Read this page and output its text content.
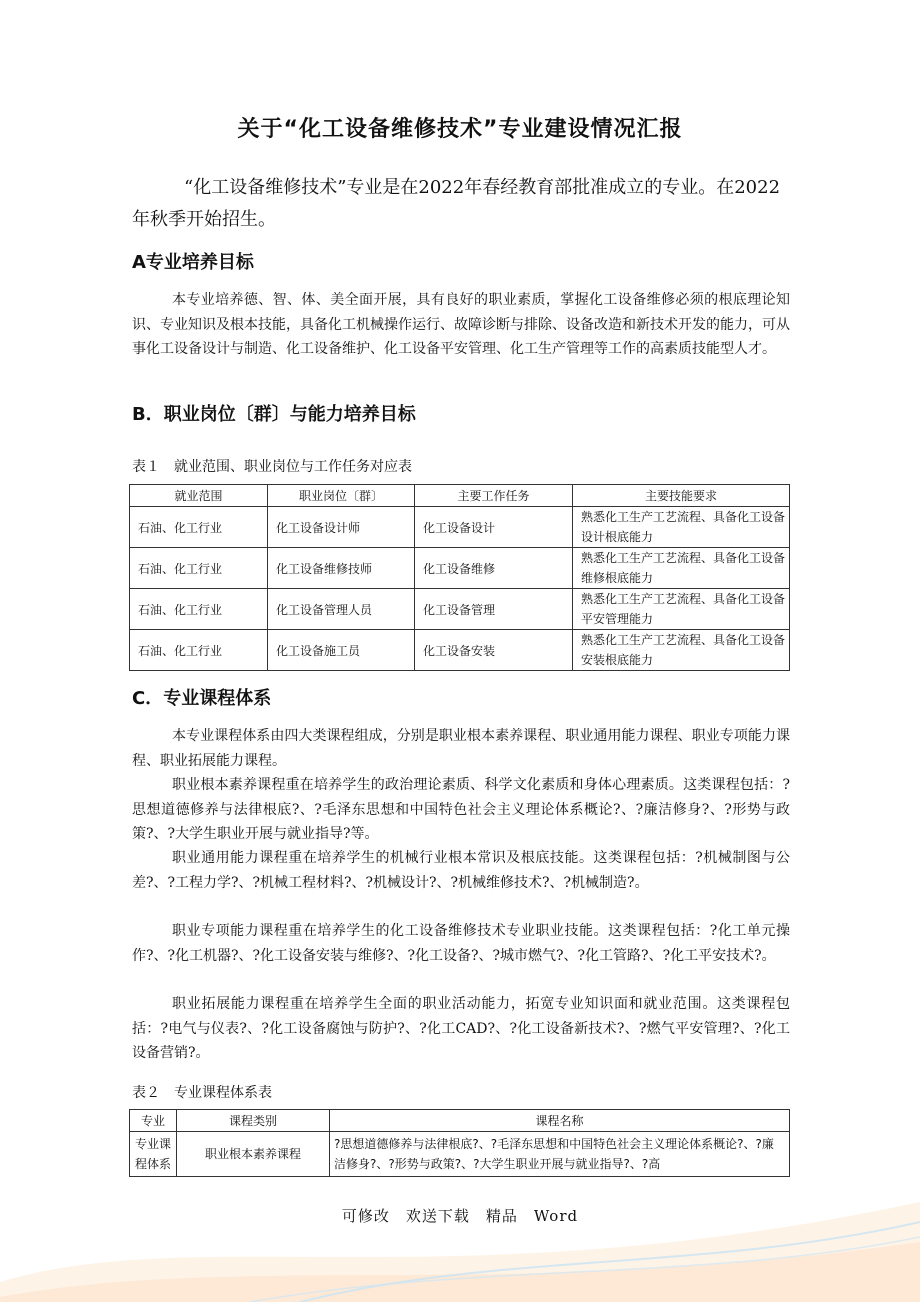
关于“化工设备维修技术”专业建设情况汇报

“化工设备维修技术”专业是在2022年春经教育部批准成立的专业。在2022年秋季开始招生。

A专业培养目标

本专业培养德、智、体、美全面开展，具有良好的职业素质，掌握化工设备维修必须的根底理论知识、专业知识及根本技能，具备化工机械操作运行、故障诊断与排除、设备改造和新技术开发的能力，可从事化工设备设计与制造、化工设备维护、化工设备平安管理、化工生产管理等工作的高素质技能型人才。

B．职业岗位〔群〕与能力培养目标

表１　就业范围、职业岗位与工作任务对应表

就业范围	职业岗位〔群〕	主要工作任务	主要技能要求
石油、化工行业	化工设备设计师	化工设备设计	熟悉化工生产工艺流程、具备化工设备设计根底能力
石油、化工行业	化工设备维修技师	化工设备维修	熟悉化工生产工艺流程、具备化工设备维修根底能力
石油、化工行业	化工设备管理人员	化工设备管理	熟悉化工生产工艺流程、具备化工设备平安管理能力
石油、化工行业	化工设备施工员	化工设备安装	熟悉化工生产工艺流程、具备化工设备安装根底能力
C．专业课程体系

本专业课程体系由四大类课程组成，分别是职业根本素养课程、职业通用能力课程、职业专项能力课程、职业拓展能力课程。

职业根本素养课程重在培养学生的政治理论素质、科学文化素质和身体心理素质。这类课程包括：?思想道德修养与法律根底?、?毛泽东思想和中国特色社会主义理论体系概论?、?廉洁修身?、?形势与政策?、?大学生职业开展与就业指导?等。

职业通用能力课程重在培养学生的机械行业根本常识及根底技能。这类课程包括：?机械制图与公差?、?工程力学?、?机械工程材料?、?机械设计?、?机械维修技术?、?机械制造?。

职业专项能力课程重在培养学生的化工设备维修技术专业职业技能。这类课程包括：?化工单元操作?、?化工机器?、?化工设备安装与维修?、?化工设备?、?城市燃气?、?化工管路?、?化工平安技术?。

职业拓展能力课程重在培养学生全面的职业活动能力，拓宽专业知识面和就业范围。这类课程包括：?电气与仪表?、?化工设备腐蚀与防护?、?化工CAD?、?化工设备新技术?、?燃气平安管理?、?化工设备营销?。

表２　专业课程体系表

专业	课程类别	课程名称
专业课程体系	职业根本素养课程	?思想道德修养与法律根底?、?毛泽东思想和中国特色社会主义理论体系概论?、?廉洁修身?、?形势与政策?、?大学生职业开展与就业指导?、?高
可修改　欢送下载　精品　Word
